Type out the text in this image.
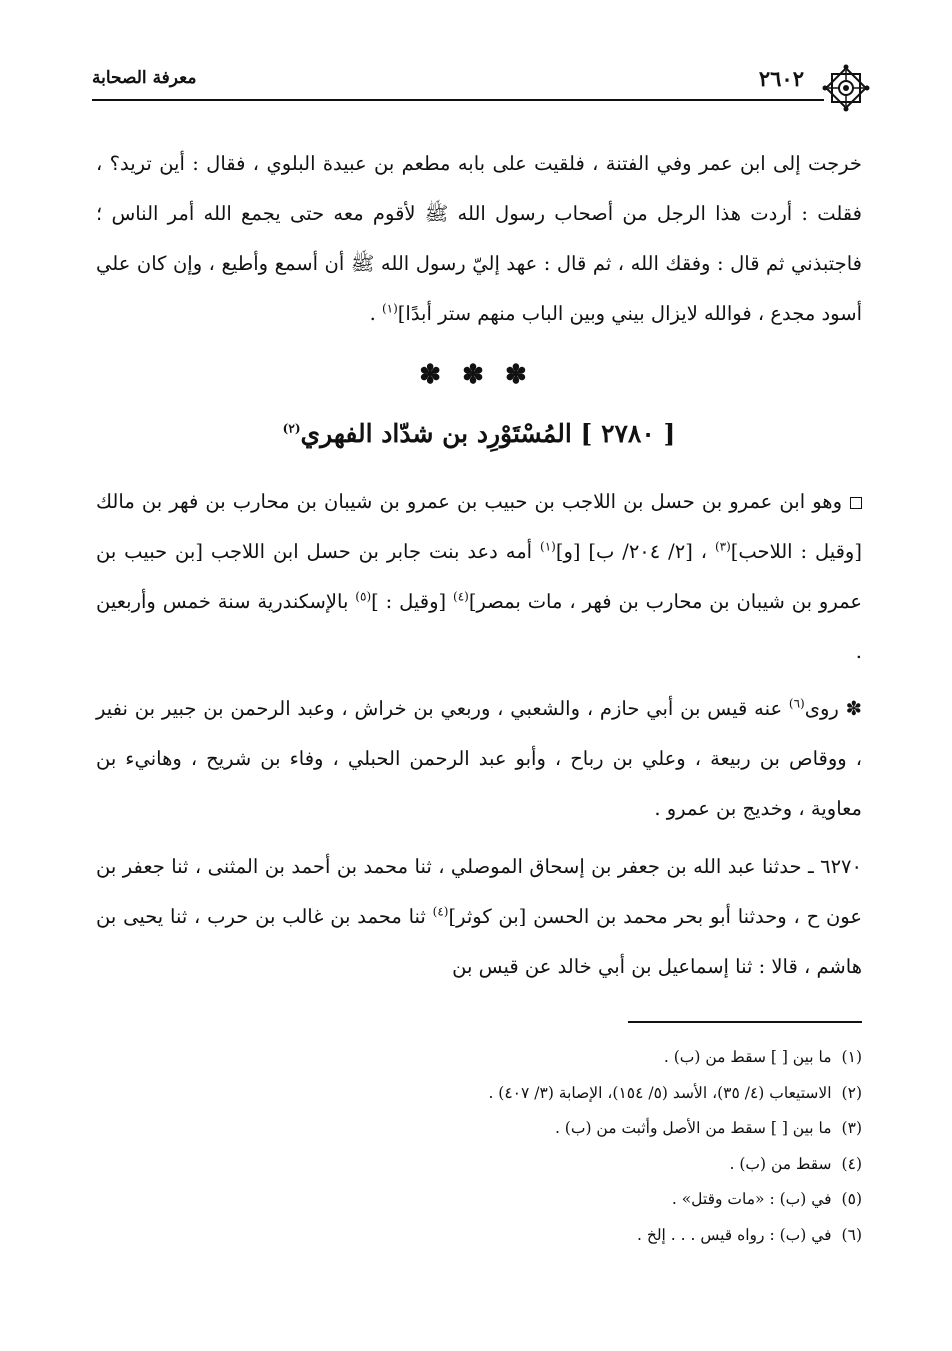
٢٦٠٢
معرفة الصحابة
خرجت إلى ابن عمر وفي الفتنة ، فلقيت على بابه مطعم بن عبيدة البلوي ، فقال : أين تريد؟ ، فقلت : أردت هذا الرجل من أصحاب رسول الله ﷺ لأقوم معه حتى يجمع الله أمر الناس ؛ فاجتبذني ثم قال : وفقك الله ، ثم قال : عهد إليّ رسول الله ﷺ أن أسمع وأطيع ، وإن كان علي أسود مجدع ، فوالله لايزال بيني وبين الباب منهم ستر أبدًا]$^{(١)}$ .
✽ ✽ ✽
[ ٢٧٨٠ ] المُسْتَوْرِد بن شدّاد الفهري$^{(٢)}$
وهو ابن عمرو بن حسل بن اللاجب بن حبيب بن عمرو بن شيبان بن محارب بن فهر بن مالك [وقيل : اللاحب]$^{(٣)}$ ، [٢/ ٢٠٤/ ب] [و]$^{(١)}$ أمه دعد بنت جابر بن حسل ابن اللاجب [بن حبيب بن عمرو بن شيبان بن محارب بن فهر ، مات بمصر]$^{(٤)}$ [وقيل : ]$^{(٥)}$ بالإسكندرية سنة خمس وأربعين .
✽ روى$^{(٦)}$ عنه قيس بن أبي حازم ، والشعبي ، وربعي بن خراش ، وعبد الرحمن بن جبير بن نفير ، ووقاص بن ربيعة ، وعلي بن رباح ، وأبو عبد الرحمن الحبلي ، وفاء بن شريح ، وهانيء بن معاوية ، وخديج بن عمرو .
٦٢٧٠ ـ حدثنا عبد الله بن جعفر بن إسحاق الموصلي ، ثنا محمد بن أحمد بن المثنى ، ثنا جعفر بن عون ح ، وحدثنا أبو بحر محمد بن الحسن [بن كوثر]$^{(٤)}$ ثنا محمد بن غالب بن حرب ، ثنا يحيى بن هاشم ، قالا : ثنا إسماعيل بن أبي خالد عن قيس بن
(١)ما بين [ ] سقط من (ب) .
(٢)الاستيعاب (٤/ ٣٥)، الأسد (٥/ ١٥٤)، الإصابة (٣/ ٤٠٧) .
(٣)ما بين [ ] سقط من الأصل وأثبت من (ب) .
(٤)سقط من (ب) .
(٥)في (ب) : «مات وقتل» .
(٦)في (ب) : رواه قيس . . . إلخ .
